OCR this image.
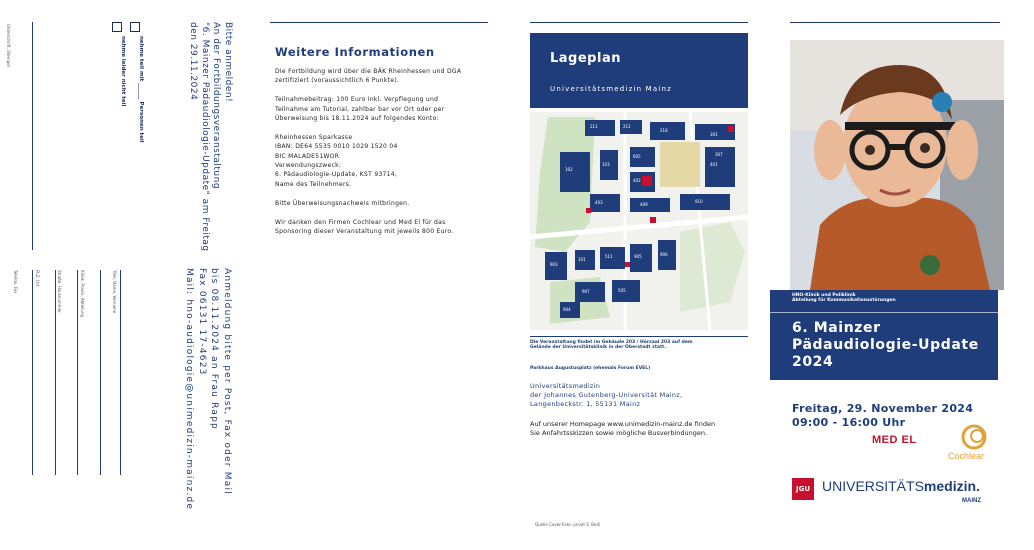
Unterschrift, Stempel
Titel, Name, Vorname
Klinik, Praxis, Abteilung
Straße, Hausnummer
PLZ, Ort
Telefon, Fax
nehme teil mit ______ Personen teil
nehme leider nicht teil	Bitte anmelden!
An der Fortbildungsveranstaltung
"6. Mainzer Pädaudiologie-Update" am Freitag
den 29.11.2024
Anmeldung bitte per Post, Fax oder Mail
bis 08.11.2024 an Frau Rapp
Fax 06131 17-4623
Mail: hno-audiologie@unimedizin-mainz.de
Weitere Informationen
Die Fortbildung wird über die BÄK Rheinhessen und DGA
zertifiziert (voraussichtlich 6 Punkte).

Teilnahmebeitrag: 100 Euro inkl. Verpflegung und
Teilnahme am Tutorial, zahlbar bar vor Ort oder per
Überweisung bis 18.11.2024 auf folgendes Konto:

Rheinhessen Sparkasse
IBAN: DE64 5535 0010 1029 1520 04
BIC MALADE51WOR
Verwendungszweck:
6. Pädaudiologie-Update, KST 93714,
Name des Teilnehmers.

Bitte Überweisungsnachweis mitbringen.

Wir danken den Firmen Cochlear und Med El für das
Sponsoring dieser Veranstaltung mit jeweils 800 Euro.
Lageplan
Universitätsmedizin Mainz
211	212
218
102
103
605
401
402
403	409
910
903
101
511	905	906
907	505
904
301
307
Die Veranstaltung findet im Gebäude 203 / Hörsaal 203 auf dem
Gelände der Universitätsklinik in der Oberstadt statt.
Parkhaus Augustusplatz (ehemals Forum EVEL)
Universitätsmedizin
der Johannes Gutenberg-Universität Mainz,
Langenbeckstr. 1, 55131 Mainz
Auf unserer Homepage www.unimedizin-mainz.de finden
Sie Anfahrtsskizzen sowie mögliche Busverbindungen.
Quelle Cover-Foto: privat S. Bedi
HNO-Klinik und Poliklinik
Abteilung für Kommunikationsstörungen
6. Mainzer
Pädaudiologie-Update
2024
Freitag, 29. November 2024
09:00 - 16:00 Uhr
MED EL
Cochlear
JGU UNIVERSITÄTSmedizin.
MAINZ
